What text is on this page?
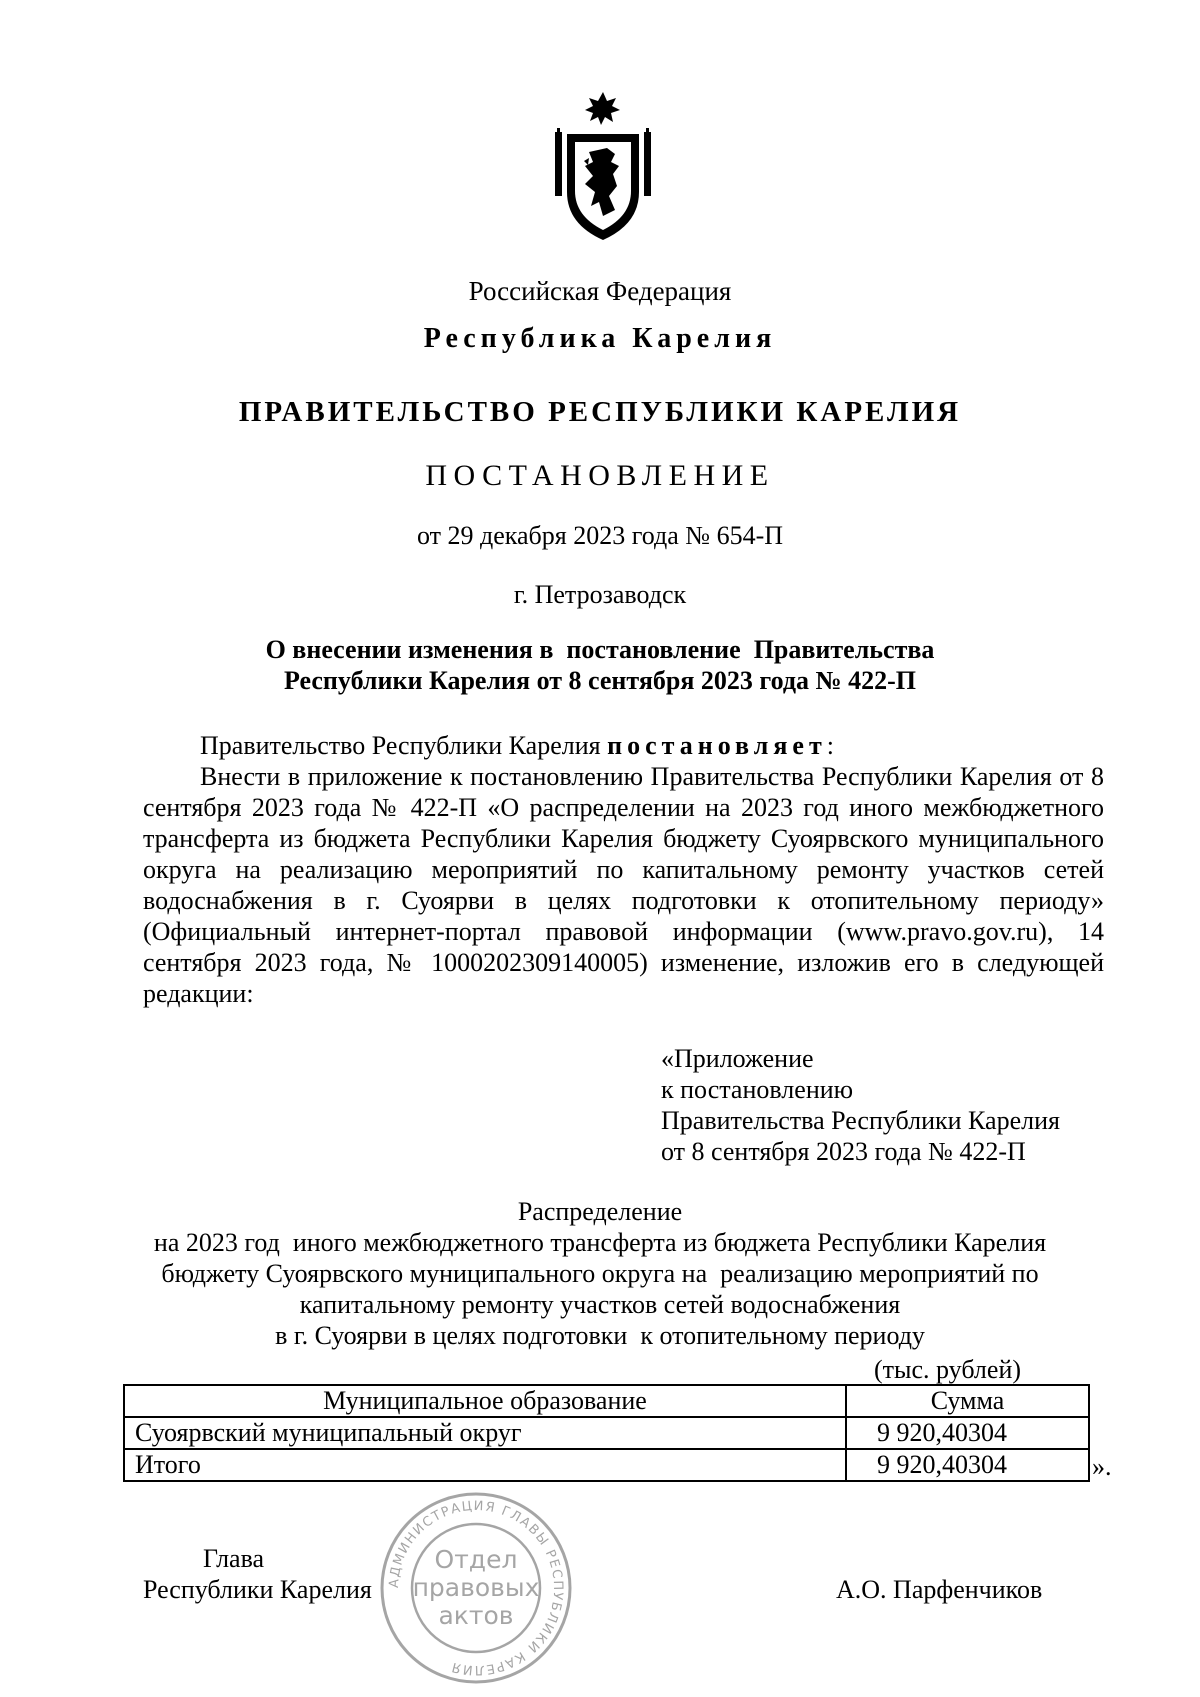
Российская Федерация
Республика Карелия
ПРАВИТЕЛЬСТВО РЕСПУБЛИКИ КАРЕЛИЯ
ПОСТАНОВЛЕНИЕ
от 29 декабря 2023 года № 654-П
г. Петрозаводск
О внесении изменения в  постановление  Правительства
Республики Карелия от 8 сентября 2023 года № 422-П
Правительство Республики Карелия постановляет:
Внести в приложение к постановлению Правительства Республики Карелия от 8 сентября 2023 года № 422-П «О распределении на 2023 год иного межбюджетного трансферта из бюджета Республики Карелия бюджету Суоярвского муниципального округа на реализацию мероприятий по капитальному ремонту участков сетей водоснабжения в г. Суоярви в целях подготовки к отопительному периоду» (Официальный интернет-портал правовой информации (www.pravo.gov.ru), 14 сентября 2023 года, № 1000202309140005) изменение, изложив его в следующей редакции:
«Приложение
к постановлению
Правительства Республики Карелия
от 8 сентября 2023 года № 422-П
Распределение
на 2023 год  иного межбюджетного трансферта из бюджета Республики Карелия
бюджету Суоярвского муниципального округа на  реализацию мероприятий по
капитальному ремонту участков сетей водоснабжения
в г. Суоярви в целях подготовки  к отопительному периоду
(тыс. рублей)
Муниципальное образование	Сумма
Суоярвский муниципальный округ	9 920,40304
Итого	9 920,40304	».
Глава
Республики Карелия	А.О. Парфенчиков
АДМИНИСТРАЦИЯ ГЛАВЫ РЕСПУБЛИКИ КАРЕЛИЯ
Отдел
правовых
актов
